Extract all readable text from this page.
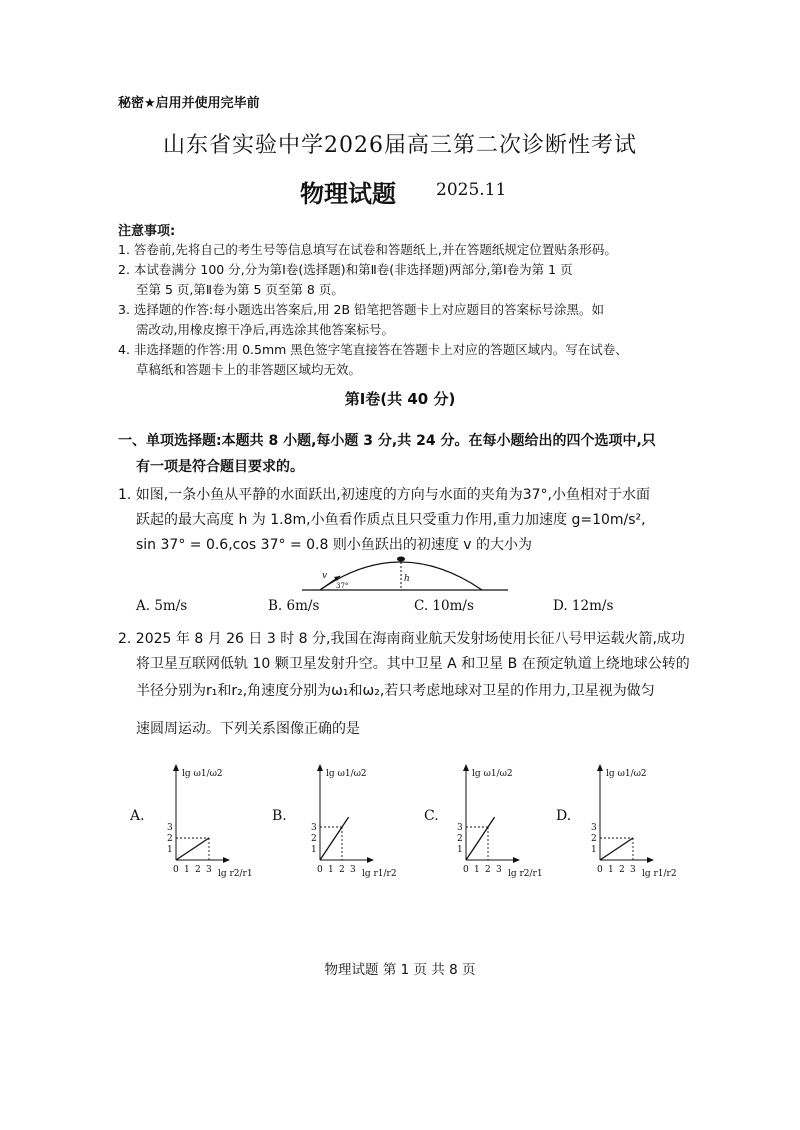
秘密★启用并使用完毕前
山东省实验中学2026届高三第二次诊断性考试
物理试题 2025.11
注意事项:
1. 答卷前,先将自己的考生号等信息填写在试卷和答题纸上,并在答题纸规定位置贴条形码。
2. 本试卷满分 100 分,分为第Ⅰ卷(选择题)和第Ⅱ卷(非选择题)两部分,第Ⅰ卷为第 1 页
至第 5 页,第Ⅱ卷为第 5 页至第 8 页。
3. 选择题的作答:每小题选出答案后,用 2B 铅笔把答题卡上对应题目的答案标号涂黑。如
需改动,用橡皮擦干净后,再选涂其他答案标号。
4. 非选择题的作答:用 0.5mm 黑色签字笔直接答在答题卡上对应的答题区域内。写在试卷、
草稿纸和答题卡上的非答题区域均无效。
第Ⅰ卷(共 40 分)
一、单项选择题:本题共 8 小题,每小题 3 分,共 24 分。在每小题给出的四个选项中,只
有一项是符合题目要求的。
1. 如图,一条小鱼从平静的水面跃出,初速度的方向与水面的夹角为37°,小鱼相对于水面
跃起的最大高度 h 为 1.8m,小鱼看作质点且只受重力作用,重力加速度 g=10m/s²,
sin 37° = 0.6,cos 37° = 0.8 则小鱼跃出的初速度 v 的大小为
v
37°
h
A. 5m/s	B. 6m/s	C. 10m/s	D. 12m/s
2. 2025 年 8 月 26 日 3 时 8 分,我国在海南商业航天发射场使用长征八号甲运载火箭,成功
将卫星互联网低轨 10 颗卫星发射升空。其中卫星 A 和卫星 B 在预定轨道上绕地球公转的
半径分别为r₁和r₂,角速度分别为ω₁和ω₂,若只考虑地球对卫星的作用力,卫星视为做匀
速圆周运动。下列关系图像正确的是
A.	B.	C.	D.
0 1 2 3
1
2
3
lg ω1/ω2
lg r2/r1	0 1 2 3
1
2
3
lg ω1/ω2
lg r1/r2	0 1 2 3
1
2
3
lg ω1/ω2
lg r2/r1	0 1 2 3
1
2
3
lg ω1/ω2
lg r1/r2
物理试题 第 1 页 共 8 页
